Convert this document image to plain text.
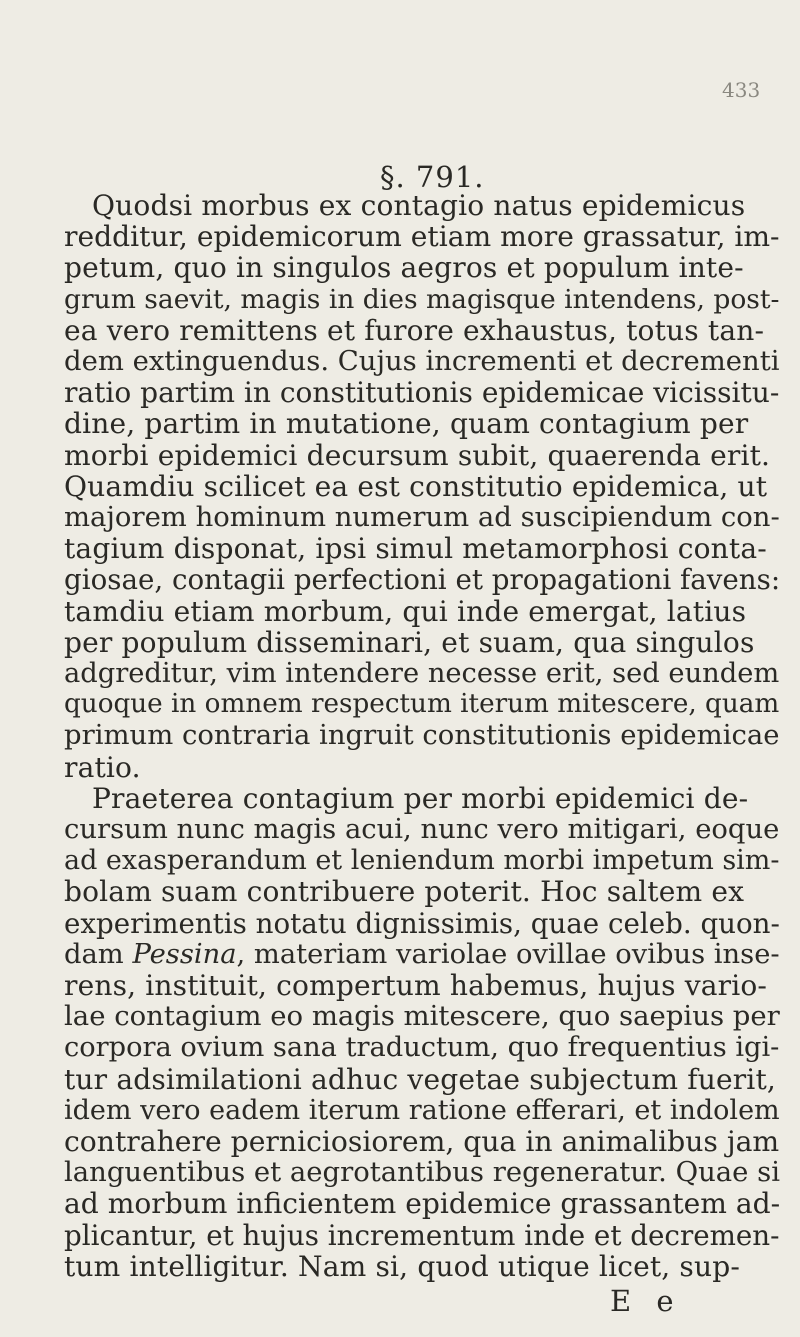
433
§. 791.
Quodsi morbus ex contagio natus epidemicus
redditur, epidemicorum etiam more grassatur, im-
petum, quo in singulos aegros et populum inte-
grum saevit, magis in dies magisque intendens, post-
ea vero remittens et furore exhaustus, totus tan-
dem extinguendus. Cujus incrementi et decrementi
ratio partim in constitutionis epidemicae vicissitu-
dine, partim in mutatione, quam contagium per
morbi epidemici decursum subit, quaerenda erit.
Quamdiu scilicet ea est constitutio epidemica, ut
majorem hominum numerum ad suscipiendum con-
tagium disponat, ipsi simul metamorphosi conta-
giosae, contagii perfectioni et propagationi favens:
tamdiu etiam morbum, qui inde emergat, latius
per populum disseminari, et suam, qua singulos
adgreditur, vim intendere necesse erit, sed eundem
quoque in omnem respectum iterum mitescere, quam
primum contraria ingruit constitutionis epidemicae
ratio.
Praeterea contagium per morbi epidemici de-
cursum nunc magis acui, nunc vero mitigari, eoque
ad exasperandum et leniendum morbi impetum sim-
bolam suam contribuere poterit. Hoc saltem ex
experimentis notatu dignissimis, quae celeb. quon-
dam Pessina, materiam variolae ovillae ovibus inse-
rens, instituit, compertum habemus, hujus vario-
lae contagium eo magis mitescere, quo saepius per
corpora ovium sana traductum, quo frequentius igi-
tur adsimilationi adhuc vegetae subjectum fuerit,
idem vero eadem iterum ratione efferari, et indolem
contrahere perniciosiorem, qua in animalibus jam
languentibus et aegrotantibus regeneratur. Quae si
ad morbum inficientem epidemice grassantem ad-
plicantur, et hujus incrementum inde et decremen-
tum intelligitur. Nam si, quod utique licet, sup-
E e
